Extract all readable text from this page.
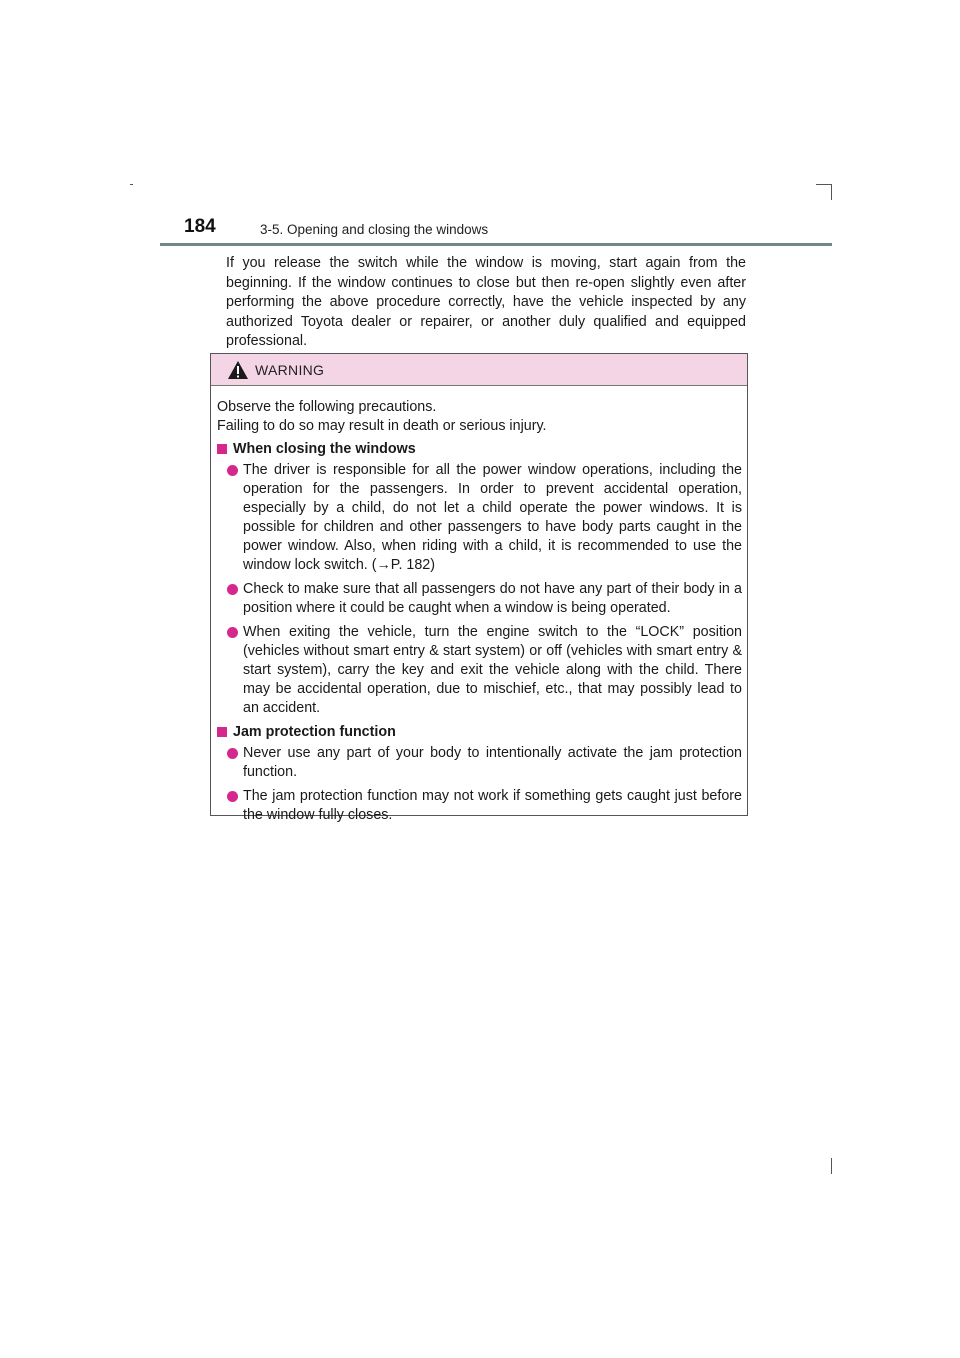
184	3-5. Opening and closing the windows

If you release the switch while the window is moving, start again from the beginning. If the window continues to close but then re-open slightly even after performing the above procedure correctly, have the vehicle inspected by any authorized Toyota dealer or repairer, or another duly qualified and equipped professional.

WARNING

Observe the following precautions.

Failing to do so may result in death or serious injury.

When closing the windows

The driver is responsible for all the power window operations, including the operation for the passengers. In order to prevent accidental operation, especially by a child, do not let a child operate the power windows. It is possible for children and other passengers to have body parts caught in the power window. Also, when riding with a child, it is recommended to use the window lock switch. (→P. 182)

Check to make sure that all passengers do not have any part of their body in a position where it could be caught when a window is being operated.

When exiting the vehicle, turn the engine switch to the “LOCK” position (vehicles without smart entry & start system) or off (vehicles with smart entry & start system), carry the key and exit the vehicle along with the child. There may be accidental operation, due to mischief, etc., that may possibly lead to an accident.

Jam protection function

Never use any part of your body to intentionally activate the jam protection function.

The jam protection function may not work if something gets caught just before the window fully closes.
